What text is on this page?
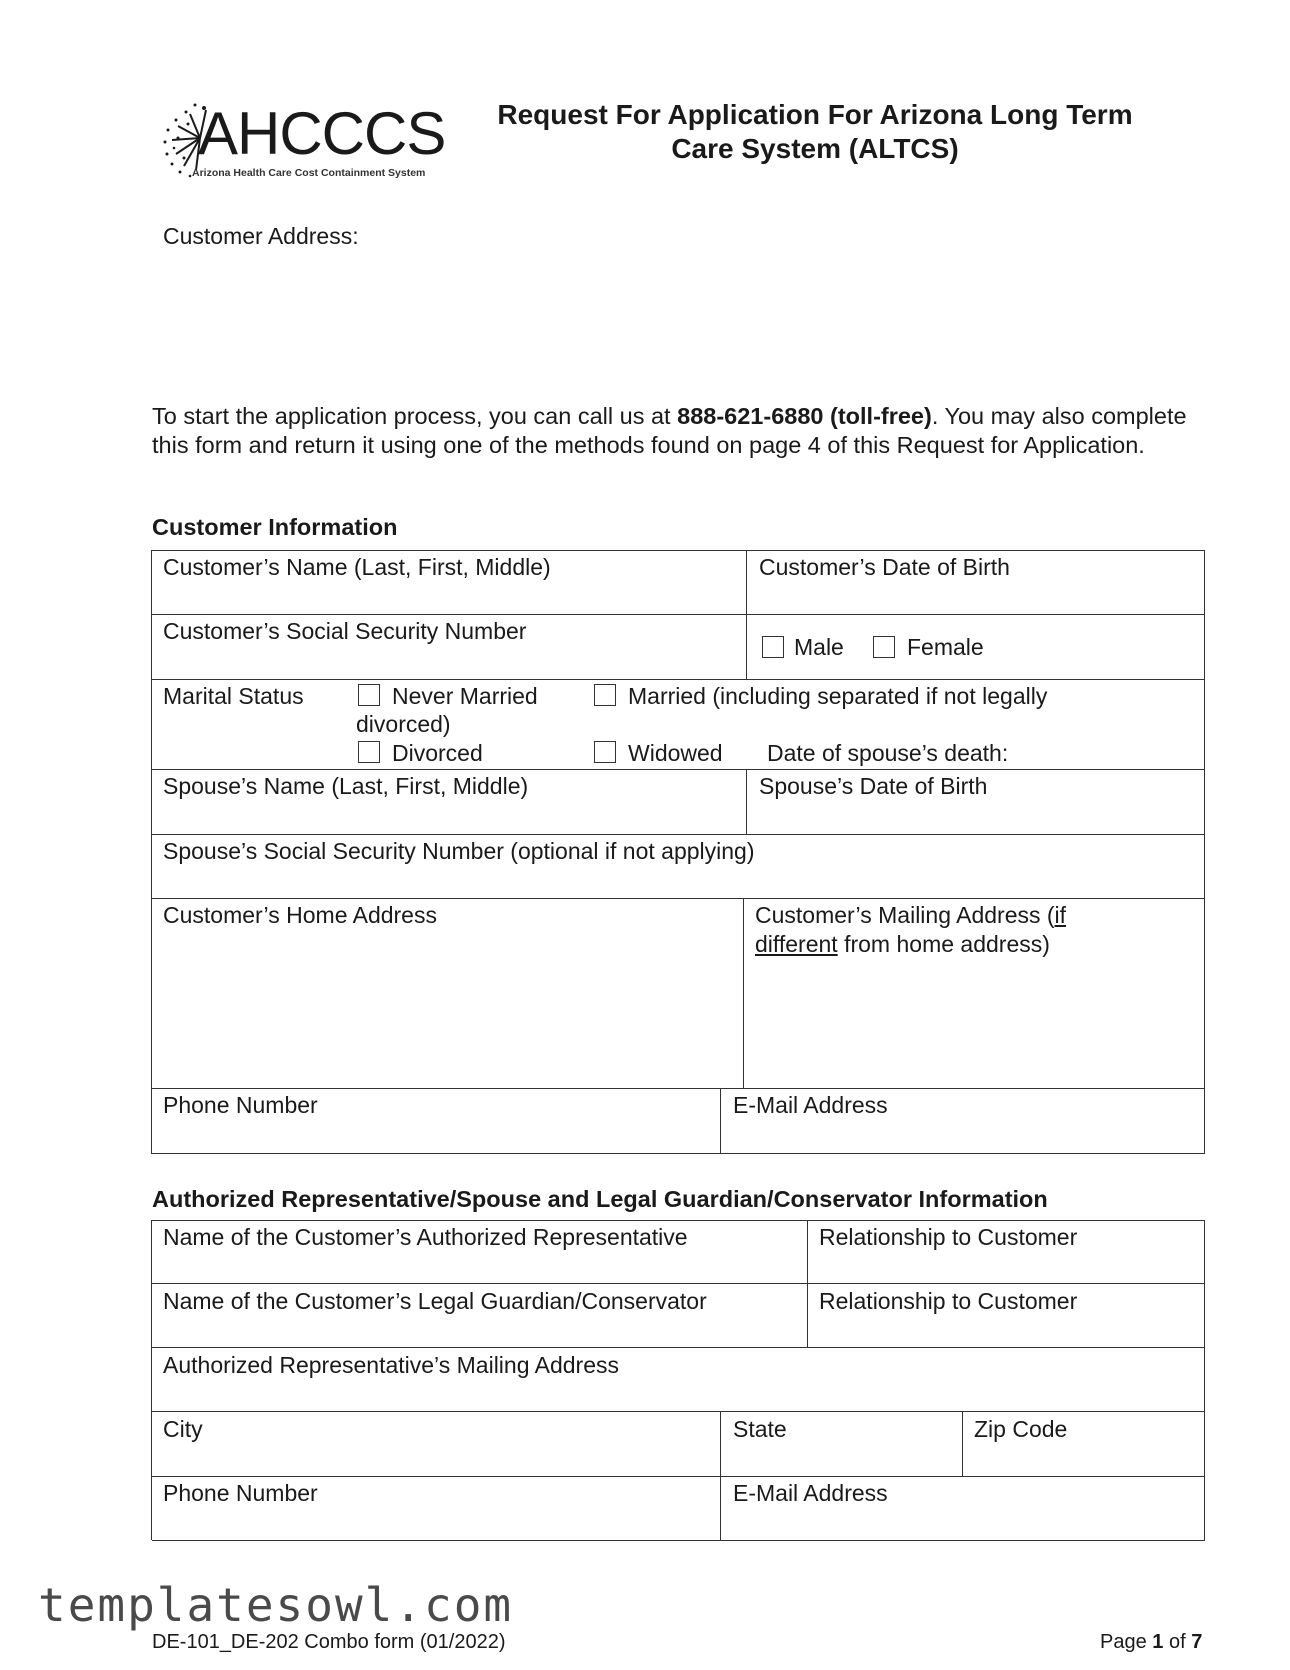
AHCCCS
Arizona Health Care Cost Containment System
Request For Application For Arizona Long Term
Care System (ALTCS)
Customer Address:
To start the application process, you can call us at 888-621-6880 (toll-free). You may also complete this form and return it using one of the methods found on page 4 of this Request for Application.
Customer Information
Customer’s Name (Last, First, Middle)	Customer’s Date of Birth
Customer’s Social Security Number
Male	Female
Marital Status	Never Married	Married (including separated if not legally
divorced)
Divorced	Widowed Date of spouse’s death:
Spouse’s Name (Last, First, Middle)	Spouse’s Date of Birth
Spouse’s Social Security Number (optional if not applying)
Customer’s Home Address	Customer’s Mailing Address (if
different from home address)
Phone Number	E-Mail Address
Authorized Representative/Spouse and Legal Guardian/Conservator Information
Name of the Customer’s Authorized Representative	Relationship to Customer
Name of the Customer’s Legal Guardian/Conservator	Relationship to Customer
Authorized Representative’s Mailing Address
City	State	Zip Code
Phone Number	E-Mail Address
templatesowl.com
DE-101_DE-202 Combo form (01/2022)	Page 1 of 7
